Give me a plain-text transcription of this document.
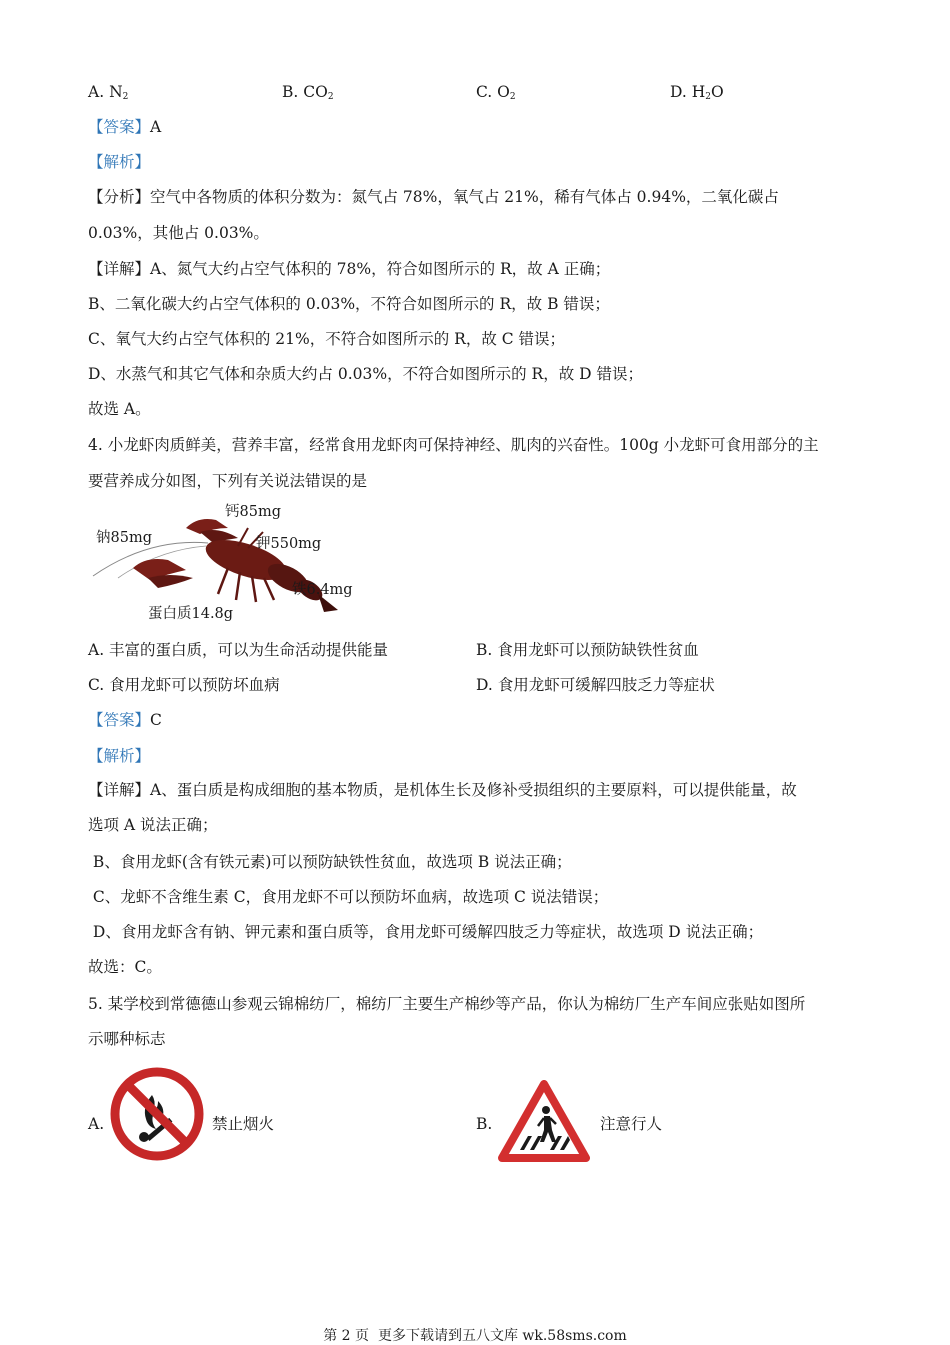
A. $N_2$	B. $CO_2$	C. $O_2$	D. $H_2O$
【答案】A
【解析】
【分析】空气中各物质的体积分数为：氮气占 78%，氧气占 21%，稀有气体占 0.94%，二氧化碳占
0.03%，其他占 0.03%。
【详解】A、氮气大约占空气体积的 78%，符合如图所示的 R，故 A 正确；
B、二氧化碳大约占空气体积的 0.03%，不符合如图所示的 R，故 B 错误；
C、氧气大约占空气体积的 21%，不符合如图所示的 R，故 C 错误；
D、水蒸气和其它气体和杂质大约占 0.03%，不符合如图所示的 R，故 D 错误；
故选 A。
4. 小龙虾肉质鲜美，营养丰富，经常食用龙虾肉可保持神经、肌肉的兴奋性。100g 小龙虾可食用部分的主
要营养成分如图，下列有关说法错误的是
钙85mg
钠85mg	钾550mg
铁6.4mg
蛋白质14.8g
A. 丰富的蛋白质，可以为生命活动提供能量	B. 食用龙虾可以预防缺铁性贫血
C. 食用龙虾可以预防坏血病	D. 食用龙虾可缓解四肢乏力等症状
【答案】C
【解析】
【详解】A、蛋白质是构成细胞的基本物质，是机体生长及修补受损组织的主要原料，可以提供能量，故
选项 A 说法正确；
B、食用龙虾(含有铁元素)可以预防缺铁性贫血，故选项 B 说法正确；
C、龙虾不含维生素 C，食用龙虾不可以预防坏血病，故选项 C 说法错误；
D、食用龙虾含有钠、钾元素和蛋白质等，食用龙虾可缓解四肢乏力等症状，故选项 D 说法正确；
故选：C。
5. 某学校到常德德山参观云锦棉纺厂，棉纺厂主要生产棉纱等产品，你认为棉纺厂生产车间应张贴如图所
示哪种标志
A.	禁止烟火	B.	注意行人
第 2 页  更多下载请到五八文库 wk.58sms.com
